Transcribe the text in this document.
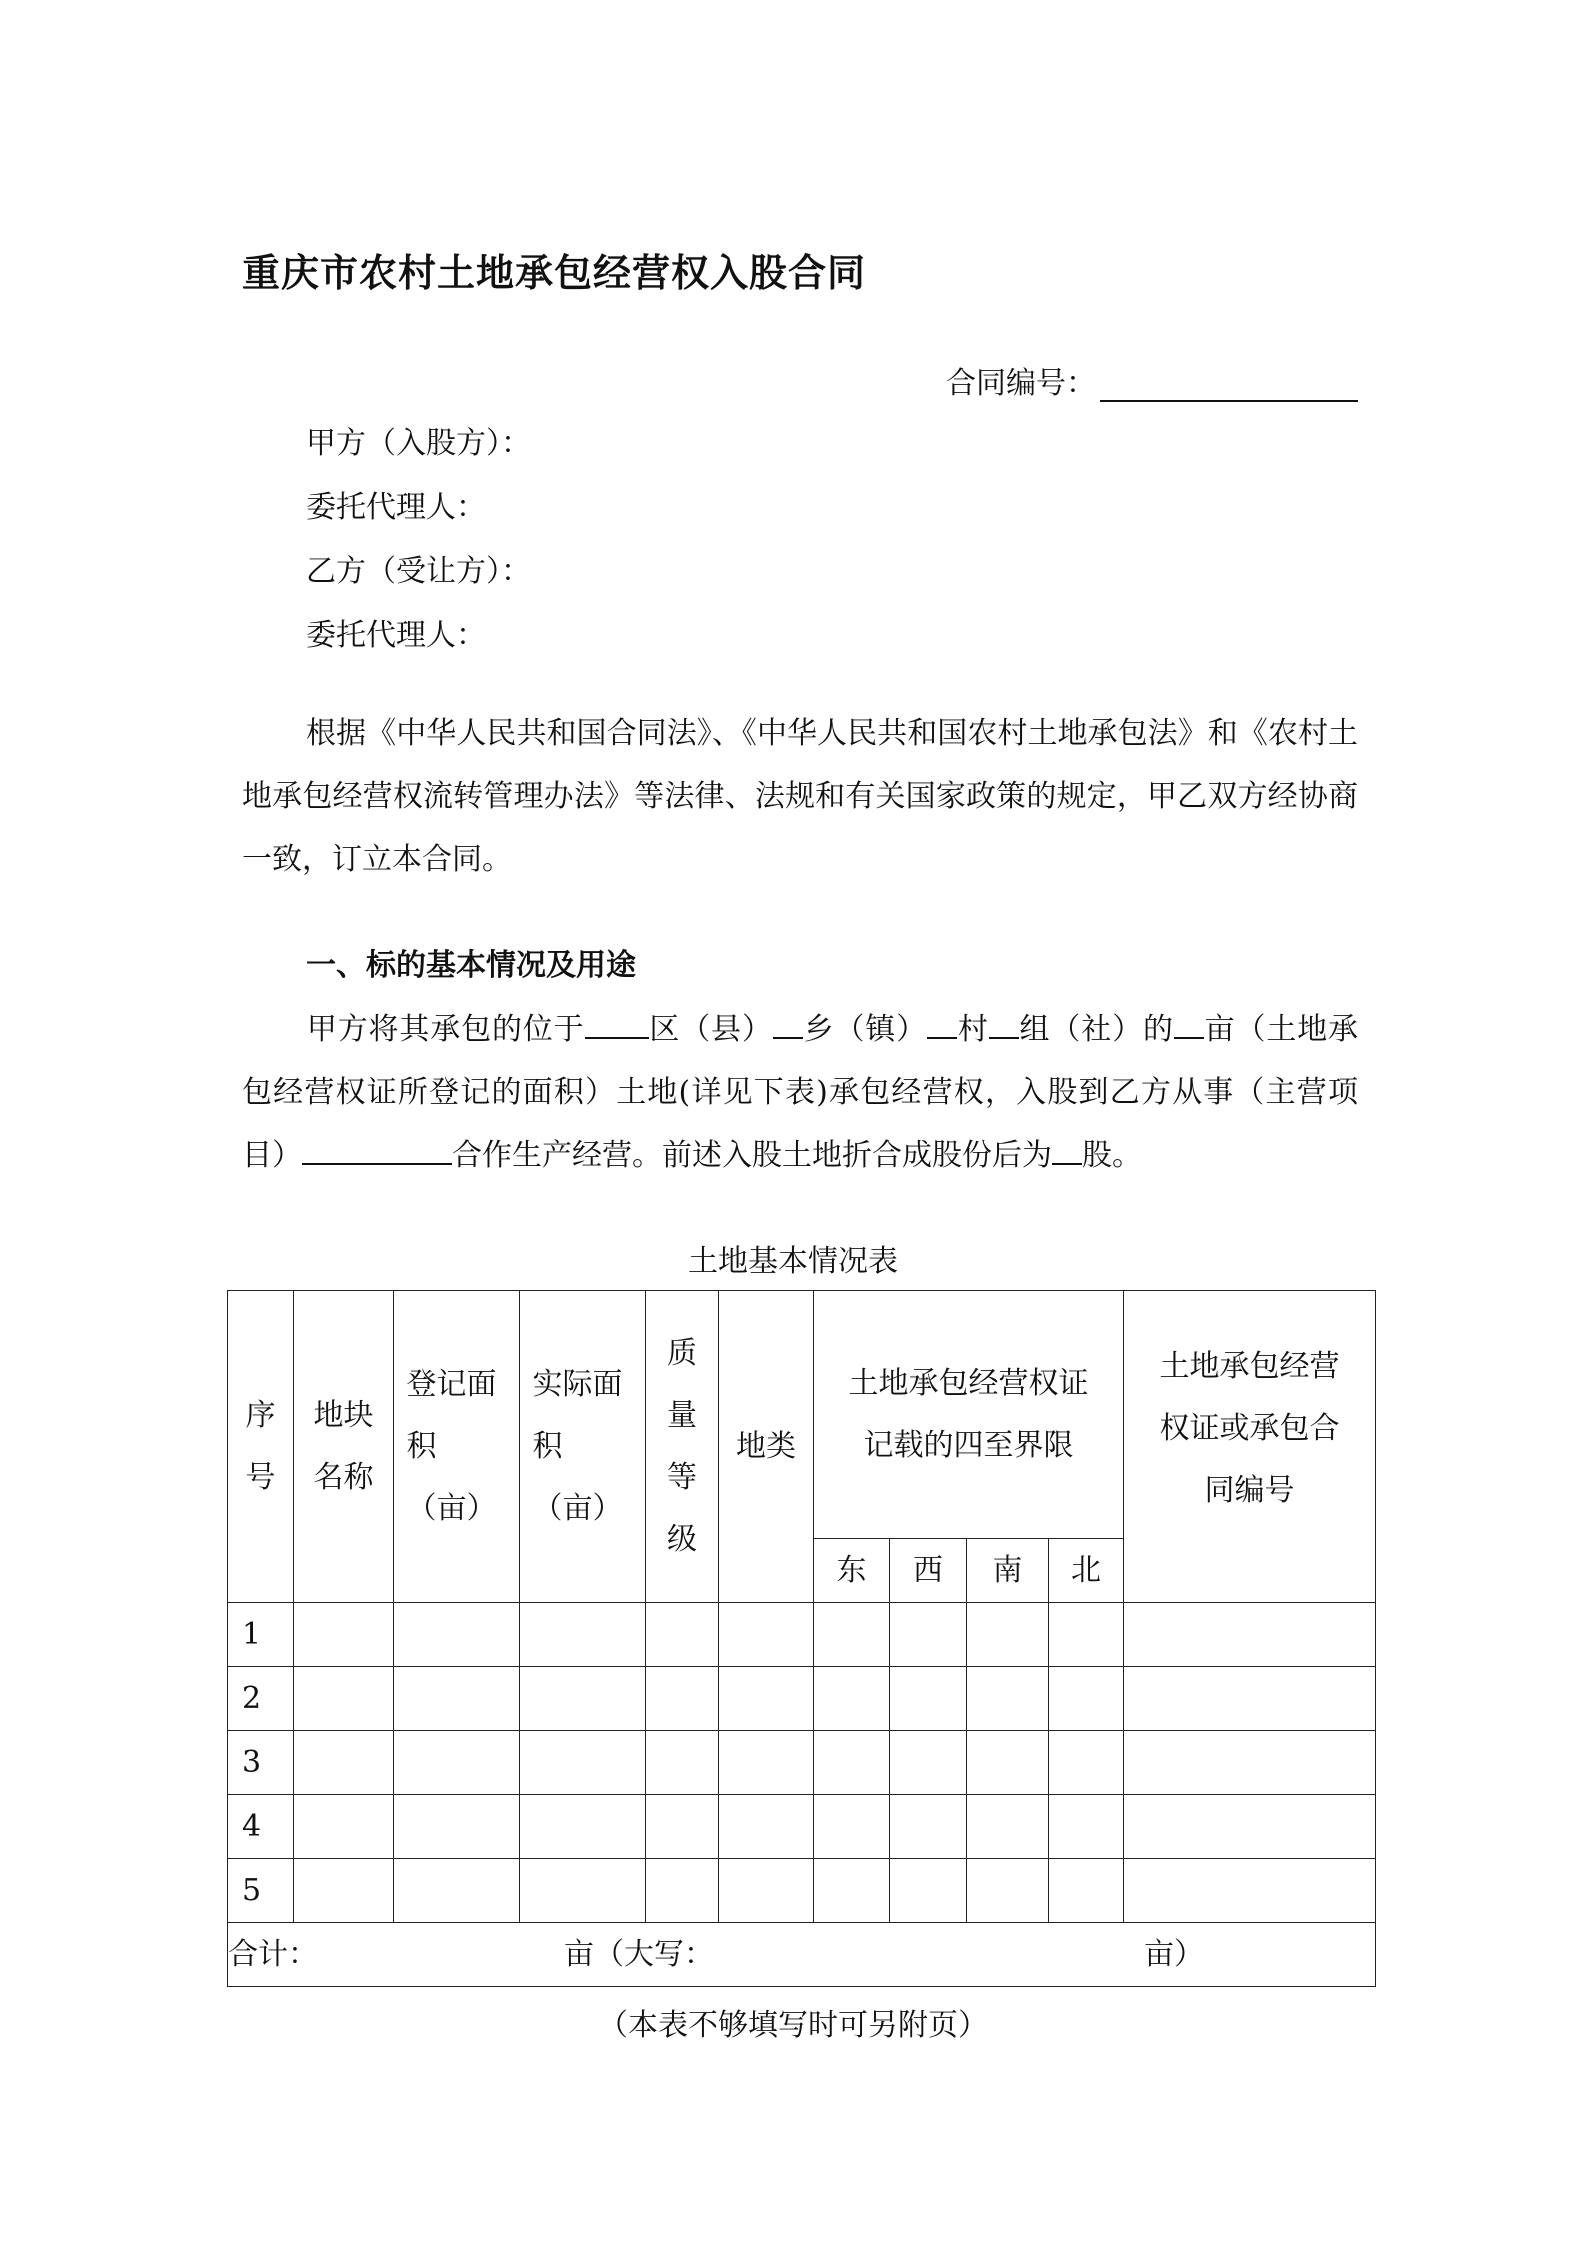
重庆市农村土地承包经营权入股合同
合同编号：
甲方（入股方）：
委托代理人：
乙方（受让方）：
委托代理人：
根据《中华人民共和国合同法》、《中华人民共和国农村土地承包法》和《农村土地承包经营权流转管理办法》等法律、法规和有关国家政策的规定，甲乙双方经协商一致，订立本合同。
一、标的基本情况及用途
甲方将其承包的位于 区（县） 乡（镇） 村 组（社）的 亩（土地承包经营权证所登记的面积）土地(详见下表)承包经营权，入股到乙方从事（主营项目）	合作生产经营。前述入股土地折合成股份后为 股。
土地基本情况表
序号	地块名称	登记面积（亩）	实际面积（亩）	质量等级	地类	土地承包经营权证记载的四至界限				土地承包经营权证或承包合同编号

						东	西	南	北	
1										
2										
3										
4										
5										

合计： 亩（大写： 亩）										
（本表不够填写时可另附页）
